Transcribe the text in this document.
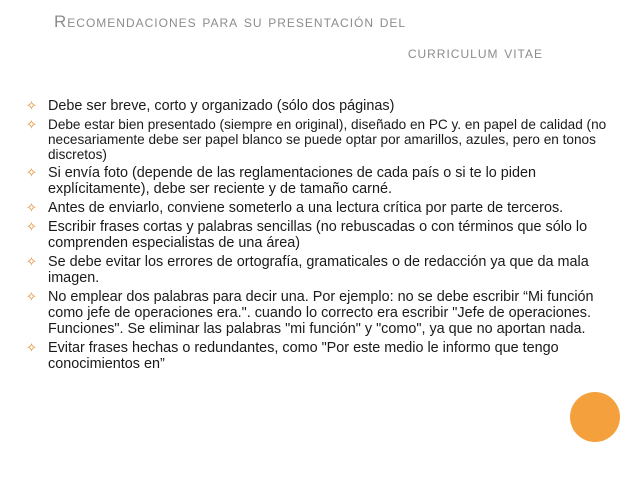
Recomendaciones para su presentación del
curriculum vitae
✧ Debe ser breve, corto y organizado (sólo dos páginas)
✧ Debe estar bien presentado (siempre en original), diseñado en PC y. en papel de calidad (no necesariamente debe ser papel blanco se puede optar por amarillos, azules, pero en tonos discretos)
✧ Si envía foto (depende de las reglamentaciones de cada país o si te lo piden explícitamente), debe ser reciente y de tamaño carné.
✧ Antes de enviarlo, conviene someterlo a una lectura crítica por parte de terceros.
✧ Escribir frases cortas y palabras sencillas (no rebuscadas o con términos que sólo lo comprenden especialistas de una área)
✧ Se debe evitar los errores de ortografía, gramaticales o de redacción ya que da mala imagen.
✧ No emplear dos palabras para decir una. Por ejemplo: no se debe escribir “Mi función como jefe de operaciones era.". cuando lo correcto era escribir "Jefe de operaciones. Funciones". Se eliminar las palabras "mi función" y "como", ya que no aportan nada.
✧ Evitar frases hechas o redundantes, como "Por este medio le informo que tengo conocimientos en”
